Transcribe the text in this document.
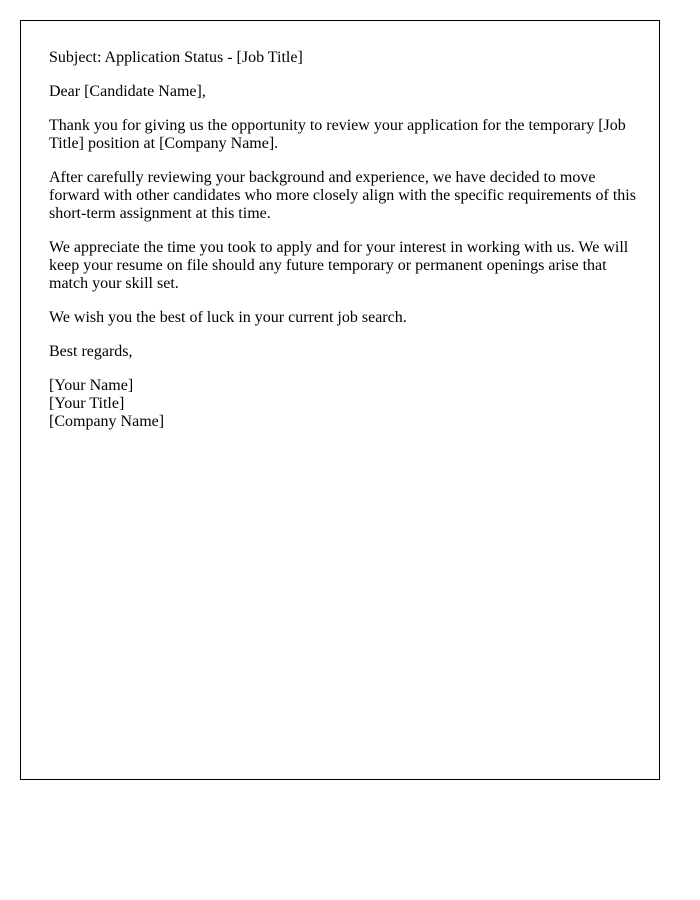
Subject: Application Status - [Job Title]

Dear [Candidate Name],

Thank you for giving us the opportunity to review your application for the temporary [Job Title] position at [Company Name].

After carefully reviewing your background and experience, we have decided to move forward with other candidates who more closely align with the specific requirements of this short-term assignment at this time.

We appreciate the time you took to apply and for your interest in working with us. We will keep your resume on file should any future temporary or permanent openings arise that match your skill set.

We wish you the best of luck in your current job search.

Best regards,

[Your Name]

[Your Title]

[Company Name]
